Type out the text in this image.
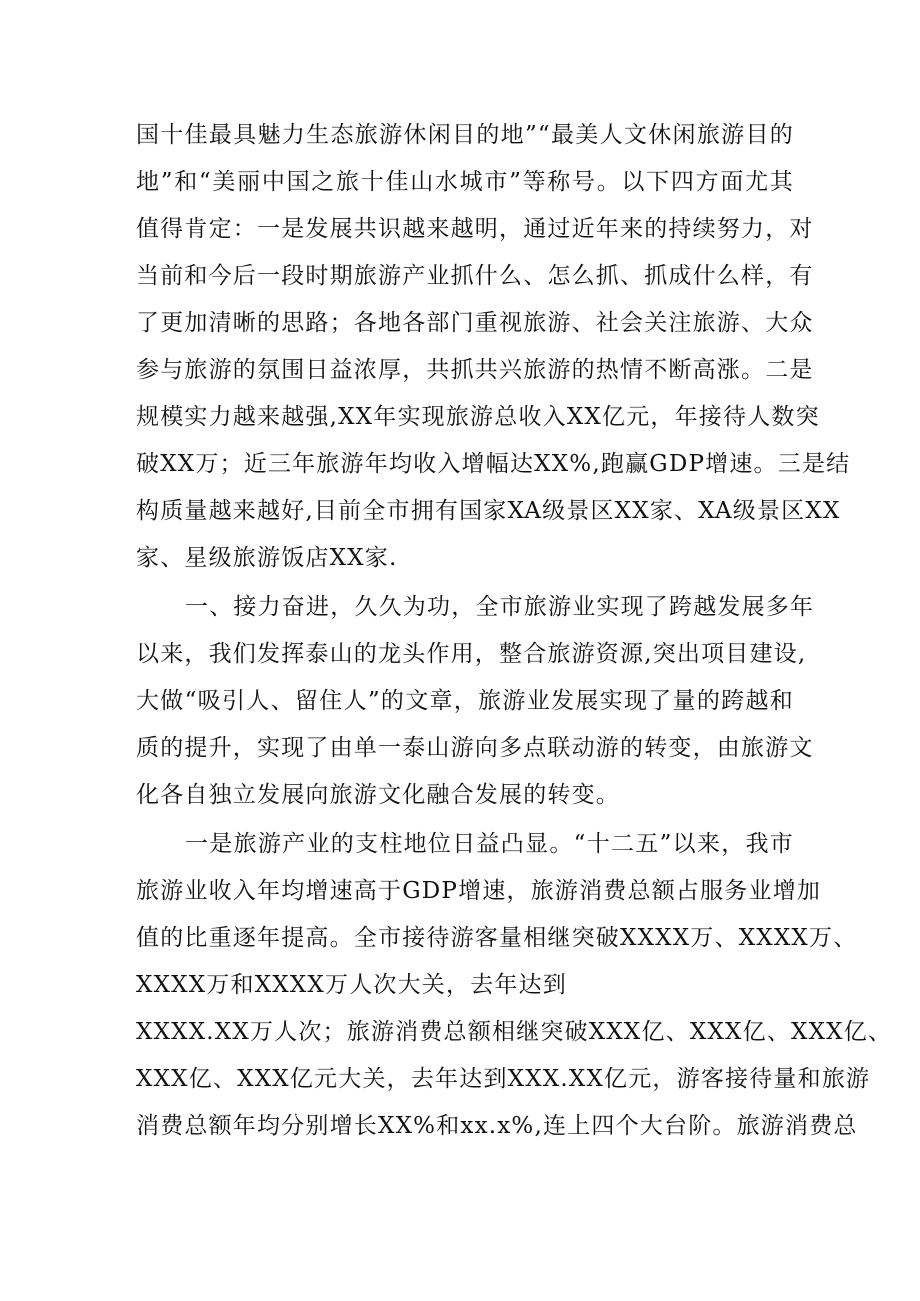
国十佳最具魅力生态旅游休闲目的地”“最美人文休闲旅游目的
地”和“美丽中国之旅十佳山水城市”等称号。以下四方面尤其
值得肯定：一是发展共识越来越明，通过近年来的持续努力，对
当前和今后一段时期旅游产业抓什么、怎么抓、抓成什么样，有
了更加清晰的思路；各地各部门重视旅游、社会关注旅游、大众
参与旅游的氛围日益浓厚，共抓共兴旅游的热情不断高涨。二是
规模实力越来越强,XX年实现旅游总收入XX亿元，年接待人数突
破XX万；近三年旅游年均收入增幅达XX%,跑赢GDP增速。三是结
构质量越来越好,目前全市拥有国家XA级景区XX家、XA级景区XX
家、星级旅游饭店XX家.
一、接力奋进，久久为功，全市旅游业实现了跨越发展多年
以来，我们发挥泰山的龙头作用，整合旅游资源,突出项目建设,
大做“吸引人、留住人”的文章，旅游业发展实现了量的跨越和
质的提升，实现了由单一泰山游向多点联动游的转变，由旅游文
化各自独立发展向旅游文化融合发展的转变。
一是旅游产业的支柱地位日益凸显。“十二五”以来，我市
旅游业收入年均增速高于GDP增速，旅游消费总额占服务业增加
值的比重逐年提高。全市接待游客量相继突破XXXX万、XXXX万、
XXXX万和XXXX万人次大关，去年达到
XXXX.XX万人次；旅游消费总额相继突破XXX亿、XXX亿、XXX亿、
XXX亿、XXX亿元大关，去年达到XXX.XX亿元，游客接待量和旅游
消费总额年均分别增长XX%和xx.x%,连上四个大台阶。旅游消费总
